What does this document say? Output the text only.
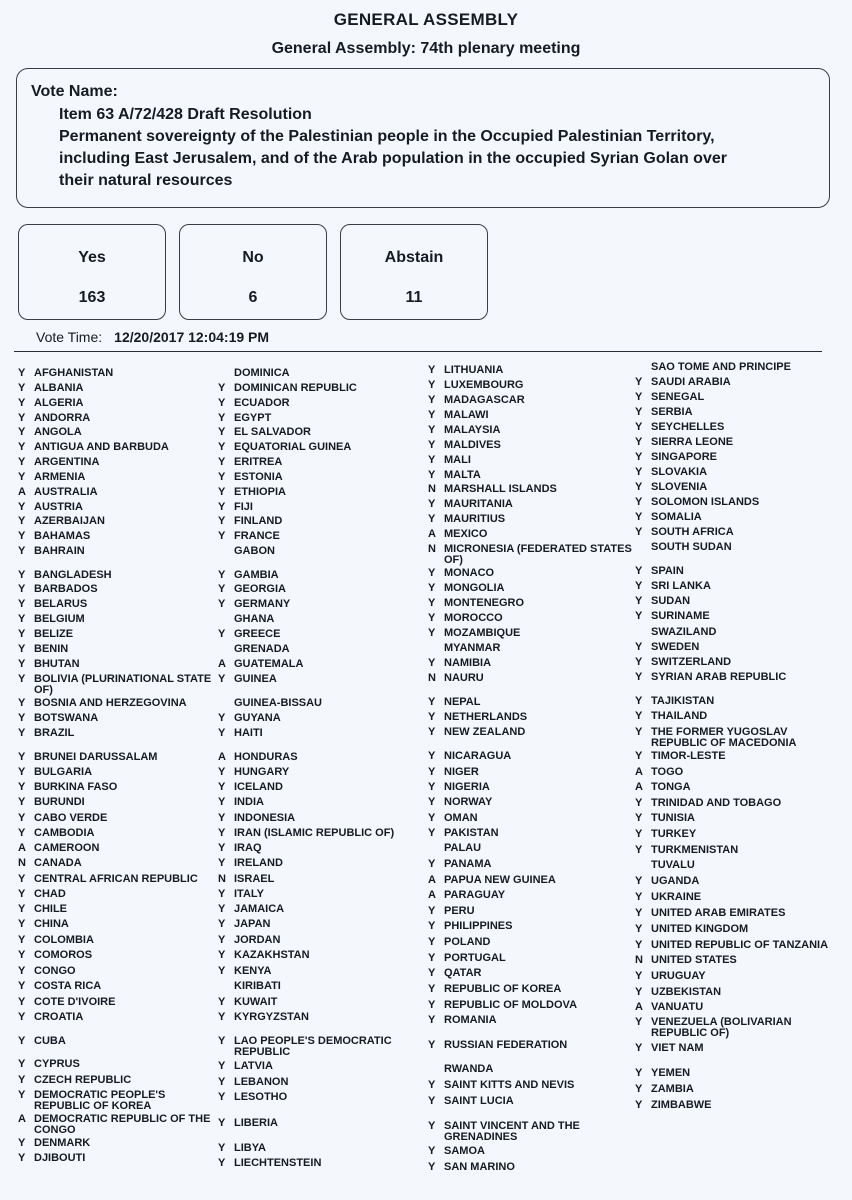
GENERAL ASSEMBLY
General Assembly: 74th plenary meeting
Vote Name:
Item 63 A/72/428 Draft Resolution
Permanent sovereignty of the Palestinian people in the Occupied Palestinian Territory,
including East Jerusalem, and of the Arab population in the occupied Syrian Golan over
their natural resources
Yes
163
No
6
Abstain
11
Vote Time: 12/20/2017 12:04:19 PM
Y AFGHANISTAN
Y ALBANIA
Y ALGERIA
Y ANDORRA
Y ANGOLA
Y ANTIGUA AND BARBUDA
Y ARGENTINA
Y ARMENIA
A AUSTRALIA
Y AUSTRIA
Y AZERBAIJAN
Y BAHAMAS
Y BAHRAIN
Y BANGLADESH
Y BARBADOS
Y BELARUS
Y BELGIUM
Y BELIZE
Y BENIN
Y BHUTAN
Y BOLIVIA (PLURINATIONAL STATE OF)
Y BOSNIA AND HERZEGOVINA
Y BOTSWANA
Y BRAZIL
Y BRUNEI DARUSSALAM
Y BULGARIA
Y BURKINA FASO
Y BURUNDI
Y CABO VERDE
Y CAMBODIA
A CAMEROON
N CANADA
Y CENTRAL AFRICAN REPUBLIC
Y CHAD
Y CHILE
Y CHINA
Y COLOMBIA
Y COMOROS
Y CONGO
Y COSTA RICA
Y COTE D'IVOIRE
Y CROATIA
Y CUBA
Y CYPRUS
Y CZECH REPUBLIC
Y DEMOCRATIC PEOPLE'S REPUBLIC OF KOREA
A DEMOCRATIC REPUBLIC OF THE CONGO
Y DENMARK
Y DJIBOUTI
DOMINICA
Y DOMINICAN REPUBLIC
Y ECUADOR
Y EGYPT
Y EL SALVADOR
Y EQUATORIAL GUINEA
Y ERITREA
Y ESTONIA
Y ETHIOPIA
Y FIJI
Y FINLAND
Y FRANCE
GABON
Y GAMBIA
Y GEORGIA
Y GERMANY
GHANA
Y GREECE
GRENADA
A GUATEMALA
Y GUINEA
GUINEA-BISSAU
Y GUYANA
Y HAITI
A HONDURAS
Y HUNGARY
Y ICELAND
Y INDIA
Y INDONESIA
Y IRAN (ISLAMIC REPUBLIC OF)
Y IRAQ
Y IRELAND
N ISRAEL
Y ITALY
Y JAMAICA
Y JAPAN
Y JORDAN
Y KAZAKHSTAN
Y KENYA
KIRIBATI
Y KUWAIT
Y KYRGYZSTAN
Y LAO PEOPLE'S DEMOCRATIC REPUBLIC
Y LATVIA
Y LEBANON
Y LESOTHO
Y LIBERIA
Y LIBYA
Y LIECHTENSTEIN
Y LITHUANIA
Y LUXEMBOURG
Y MADAGASCAR
Y MALAWI
Y MALAYSIA
Y MALDIVES
Y MALI
Y MALTA
N MARSHALL ISLANDS
Y MAURITANIA
Y MAURITIUS
A MEXICO
N MICRONESIA (FEDERATED STATES OF)
Y MONACO
Y MONGOLIA
Y MONTENEGRO
Y MOROCCO
Y MOZAMBIQUE
MYANMAR
Y NAMIBIA
N NAURU
Y NEPAL
Y NETHERLANDS
Y NEW ZEALAND
Y NICARAGUA
Y NIGER
Y NIGERIA
Y NORWAY
Y OMAN
Y PAKISTAN
PALAU
Y PANAMA
A PAPUA NEW GUINEA
A PARAGUAY
Y PERU
Y PHILIPPINES
Y POLAND
Y PORTUGAL
Y QATAR
Y REPUBLIC OF KOREA
Y REPUBLIC OF MOLDOVA
Y ROMANIA
Y RUSSIAN FEDERATION
RWANDA
Y SAINT KITTS AND NEVIS
Y SAINT LUCIA
Y SAINT VINCENT AND THE GRENADINES
Y SAMOA
Y SAN MARINO
SAO TOME AND PRINCIPE
Y SAUDI ARABIA
Y SENEGAL
Y SERBIA
Y SEYCHELLES
Y SIERRA LEONE
Y SINGAPORE
Y SLOVAKIA
Y SLOVENIA
Y SOLOMON ISLANDS
Y SOMALIA
Y SOUTH AFRICA
SOUTH SUDAN
Y SPAIN
Y SRI LANKA
Y SUDAN
Y SURINAME
SWAZILAND
Y SWEDEN
Y SWITZERLAND
Y SYRIAN ARAB REPUBLIC
Y TAJIKISTAN
Y THAILAND
Y THE FORMER YUGOSLAV REPUBLIC OF MACEDONIA
Y TIMOR-LESTE
A TOGO
A TONGA
Y TRINIDAD AND TOBAGO
Y TUNISIA
Y TURKEY
Y TURKMENISTAN
TUVALU
Y UGANDA
Y UKRAINE
Y UNITED ARAB EMIRATES
Y UNITED KINGDOM
Y UNITED REPUBLIC OF TANZANIA
N UNITED STATES
Y URUGUAY
Y UZBEKISTAN
A VANUATU
Y VENEZUELA (BOLIVARIAN REPUBLIC OF)
Y VIET NAM
Y YEMEN
Y ZAMBIA
Y ZIMBABWE
